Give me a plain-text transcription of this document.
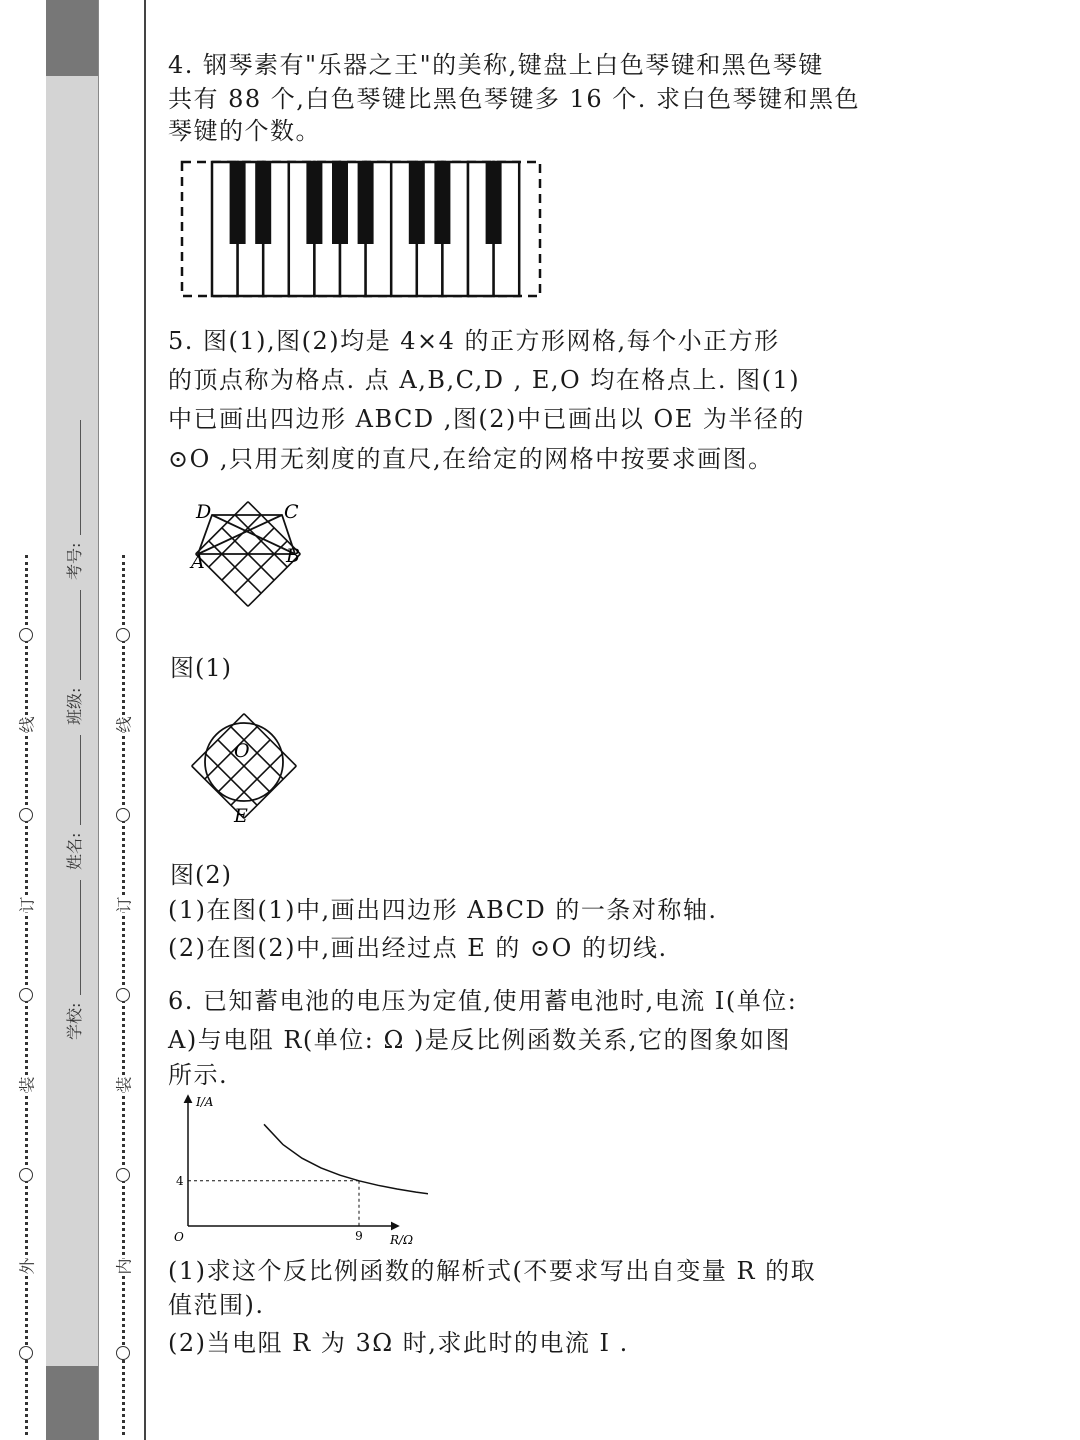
外
装
订
线
内
装
订
线
学校:
姓名:
班级:
考号:
4. 钢琴素有"乐器之王"的美称,键盘上白色琴键和黑色琴键
共有 88 个,白色琴键比黑色琴键多 16 个. 求白色琴键和黑色
琴键的个数。
5. 图(1),图(2)均是 4×4 的正方形网格,每个小正方形
的顶点称为格点. 点 A,B,C,D , E,O 均在格点上. 图(1)
中已画出四边形 ABCD ,图(2)中已画出以 OE 为半径的
⊙O ,只用无刻度的直尺,在给定的网格中按要求画图。
D	C
A	B
图(1)
O
E
图(2)
(1)在图(1)中,画出四边形 ABCD 的一条对称轴.
(2)在图(2)中,画出经过点 E 的 ⊙O 的切线.
6. 已知蓄电池的电压为定值,使用蓄电池时,电流 I(单位:
A)与电阻 R(单位: Ω )是反比例函数关系,它的图象如图
所示.
I/A
R/Ω
O	9
4
(1)求这个反比例函数的解析式(不要求写出自变量 R 的取
值范围).
(2)当电阻 R 为 3Ω 时,求此时的电流 I .
